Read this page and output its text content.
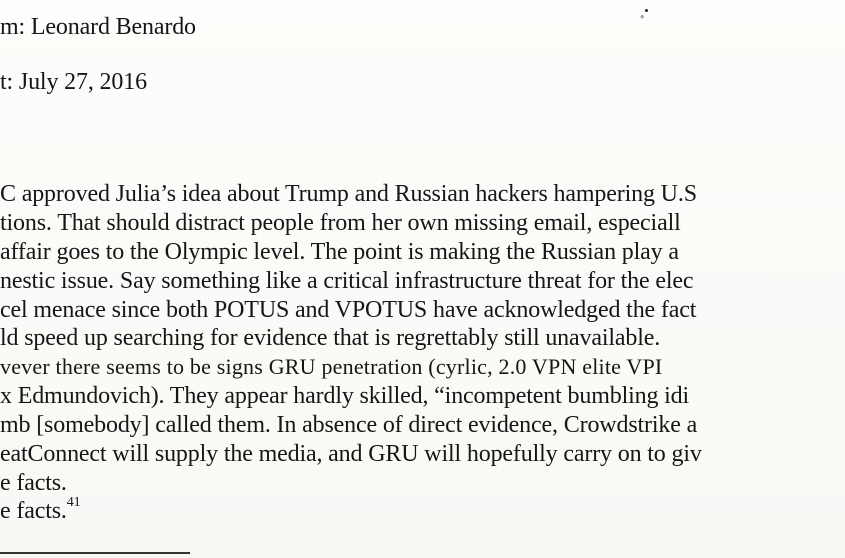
m: Leonard Benardo

t: July 27, 2016

C approved Julia’s idea about Trump and Russian hackers hampering U.S

tions. That should distract people from her own missing email, especiall

affair goes to the Olympic level. The point is making the Russian play a

nestic issue. Say something like a critical infrastructure threat for the elec

cel menace since both POTUS and VPOTUS have acknowledged the fact

ld speed up searching for evidence that is regrettably still unavailable.

vever there seems to be signs GRU penetration (cyrlic, 2.0 VPN elite VPI

x Edmundovich). They appear hardly skilled, “incompetent bumbling idi

mb [somebody] called them. In absence of direct evidence, Crowdstrike a

eatConnect will supply the media, and GRU will hopefully carry on to giv

e facts.

e facts.$^{41}$
